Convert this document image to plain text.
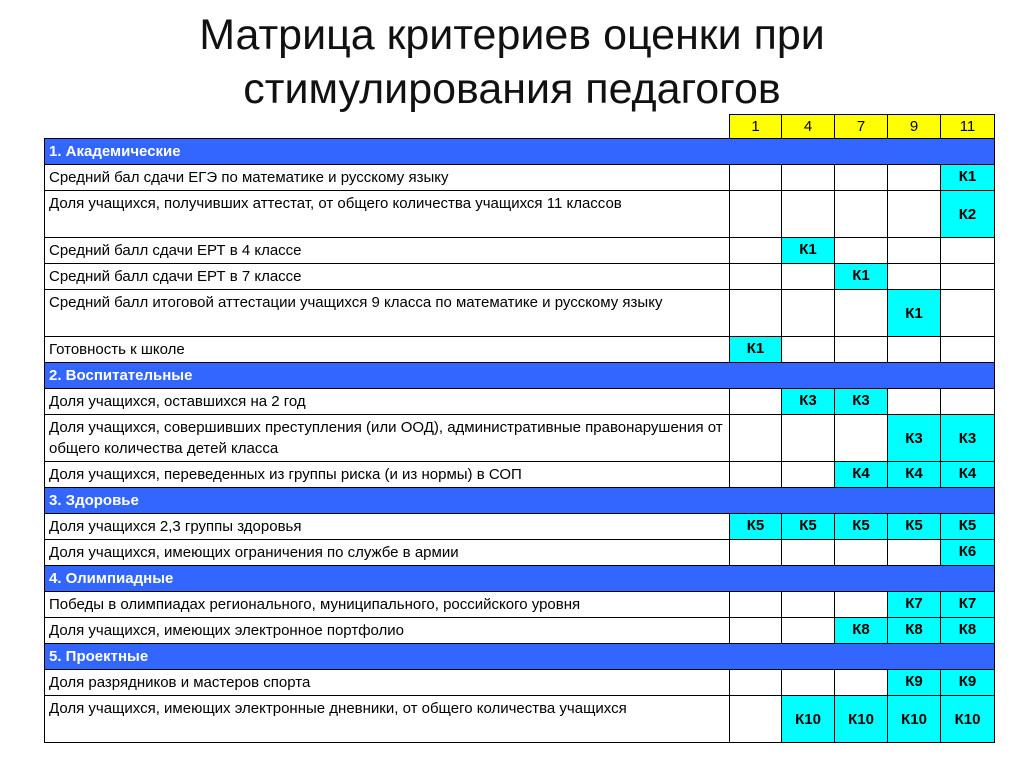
Матрица критериев оценки при
стимулирования педагогов
	1	4	7	9	11
1. Академические					
Средний бал сдачи ЕГЭ по математике и русскому языку					К1
Доля учащихся, получивших аттестат, от общего количества учащихся 11 классов					К2
Средний балл сдачи ЕРТ в 4 классе		К1			
Средний балл сдачи ЕРТ в 7 классе			К1		
Средний балл итоговой аттестации учащихся 9 класса по математике и русскому языку				К1	
Готовность к школе	К1				
2. Воспитательные					
Доля учащихся, оставшихся на 2 год		К3	К3		
Доля учащихся, совершивших преступления (или ООД), административные правонарушения от общего количества детей класса				К3	К3
Доля учащихся, переведенных из группы риска (и из нормы) в СОП			К4	К4	К4
3. Здоровье					
Доля учащихся 2,3 группы здоровья	К5	К5	К5	К5	К5
Доля учащихся, имеющих ограничения по службе в армии					К6
4. Олимпиадные					
Победы в олимпиадах регионального, муниципального, российского уровня				К7	К7
Доля учащихся, имеющих электронное портфолио			К8	К8	К8
5. Проектные					
Доля разрядников и мастеров спорта				К9	К9
Доля учащихся, имеющих электронные дневники, от общего количества учащихся		К10	К10	К10	К10
